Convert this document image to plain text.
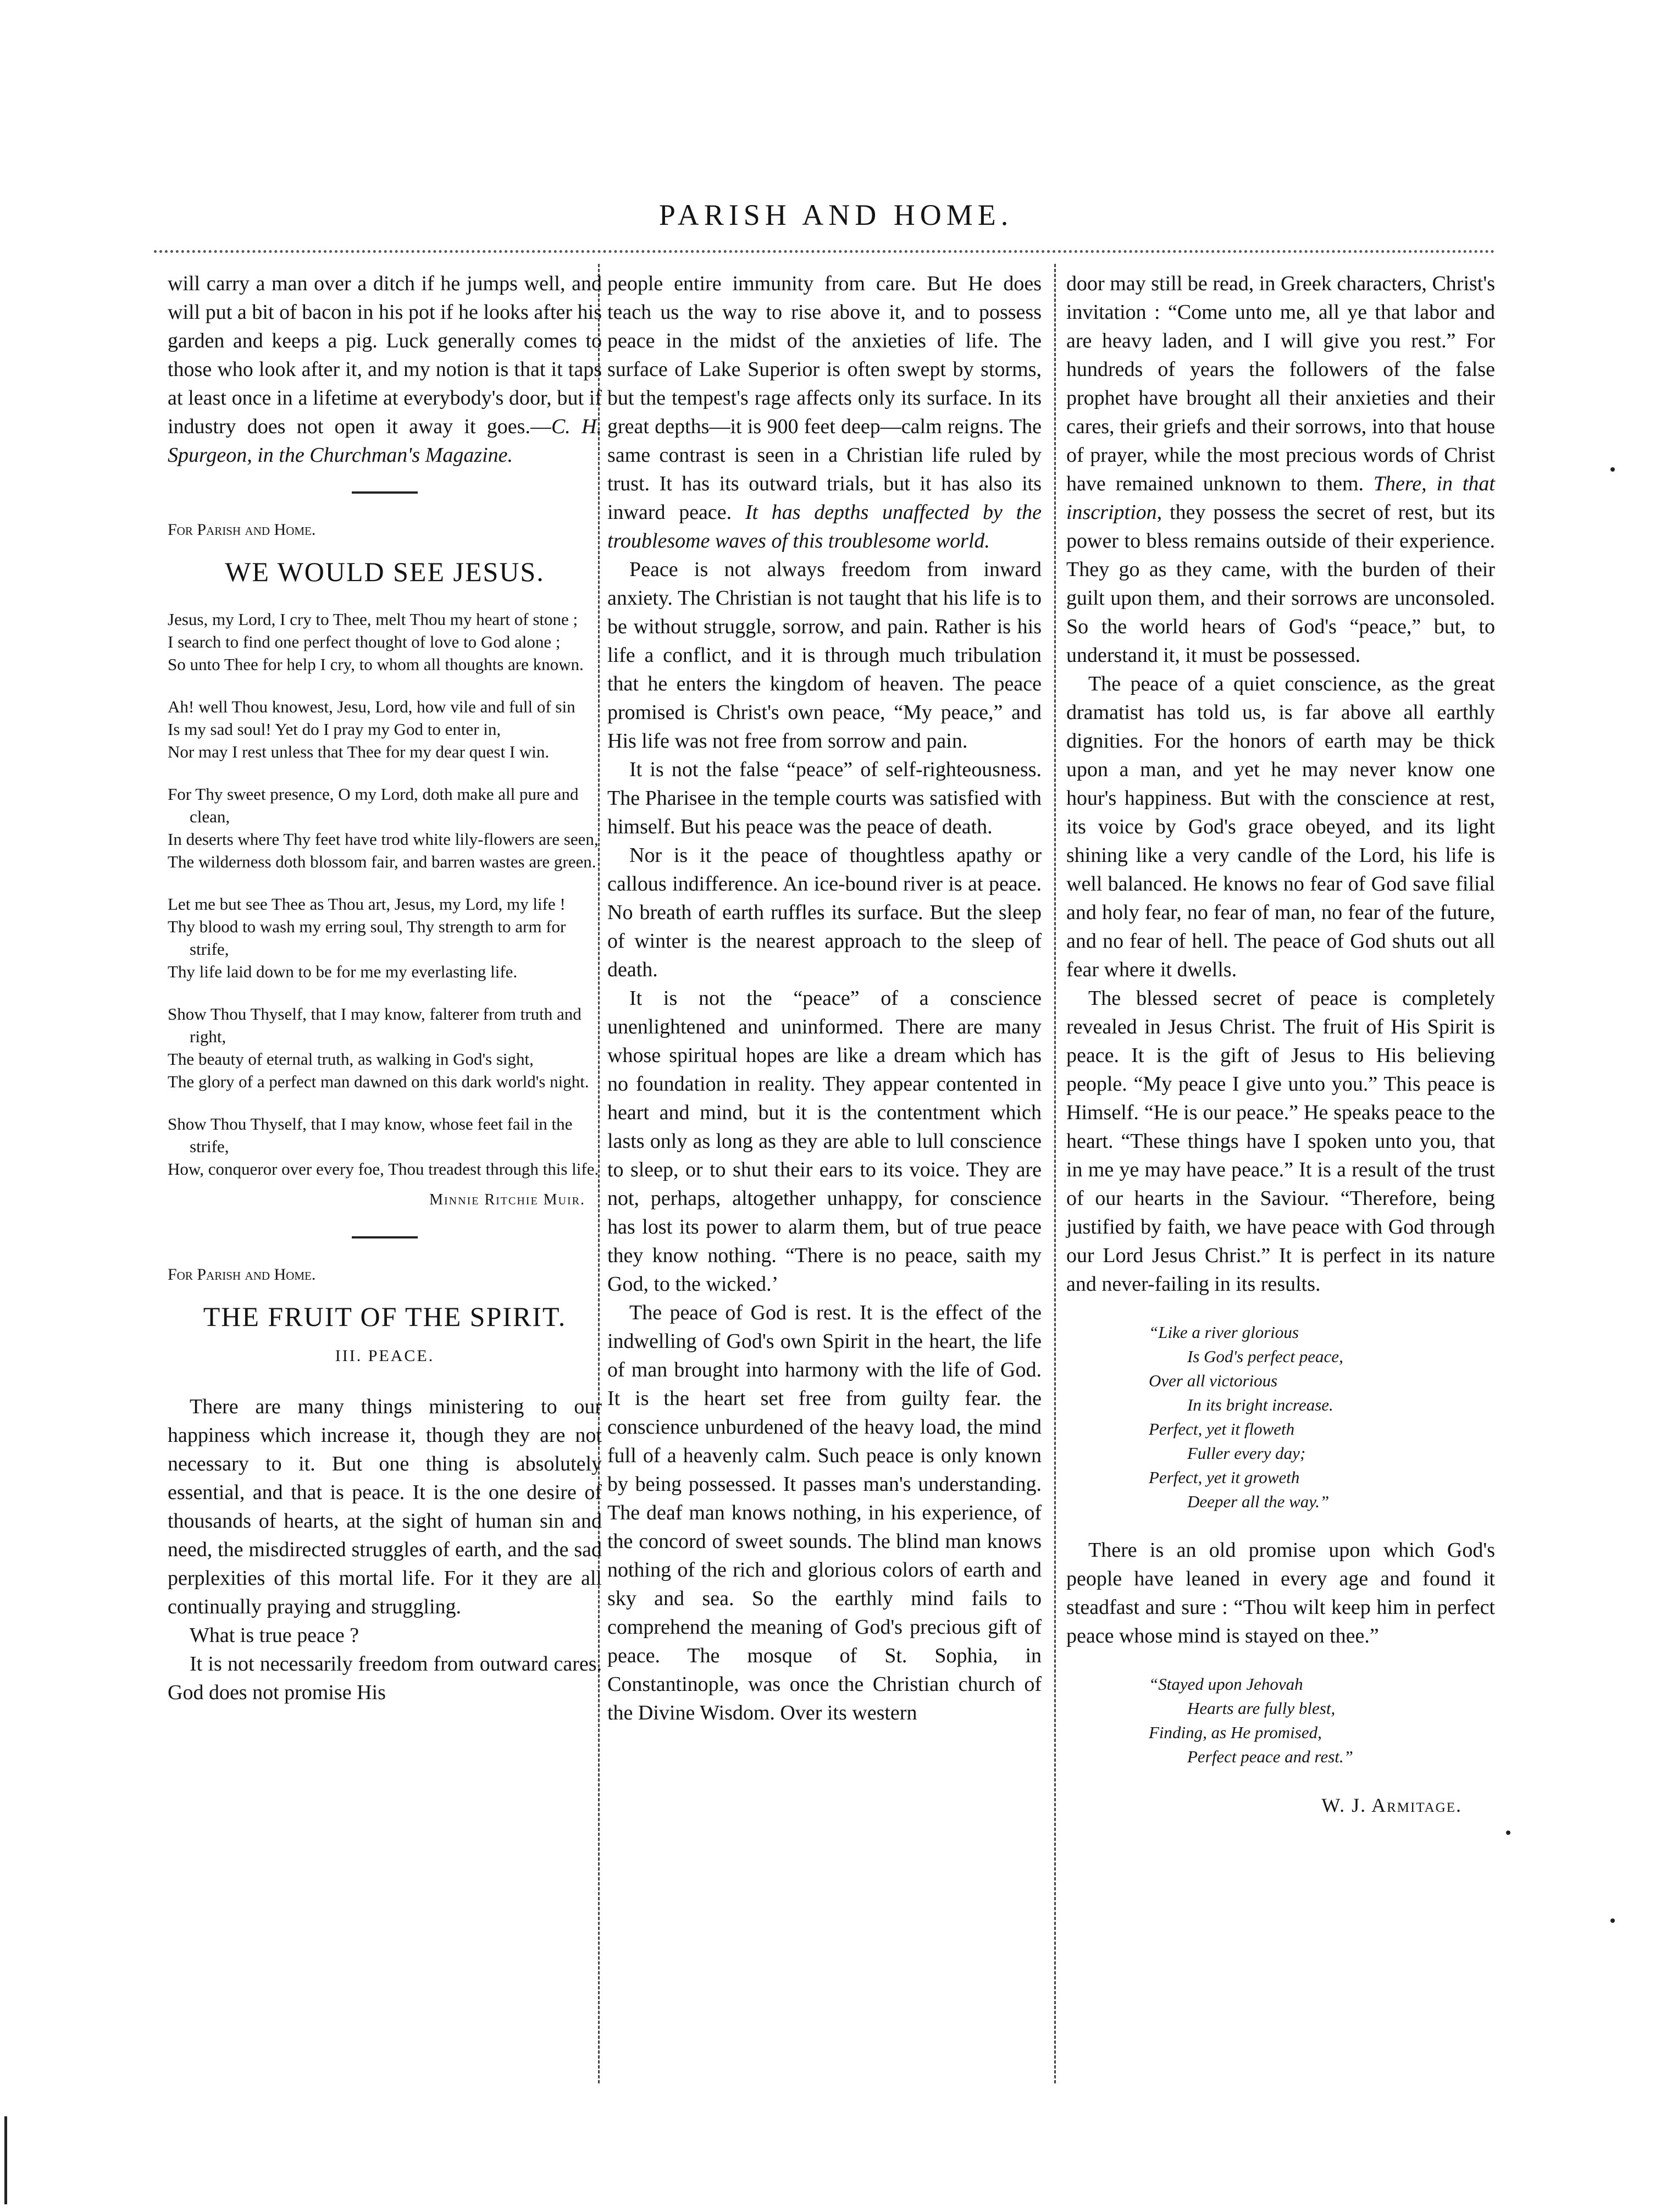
PARISH AND HOME.

will carry a man over a ditch if he jumps well, and will put a bit of bacon in his pot if he looks after his garden and keeps a pig. Luck generally comes to those who look after it, and my notion is that it taps at least once in a lifetime at everybody's door, but if industry does not open it away it goes.—C. H. Spurgeon, in the Churchman's Magazine.

For Parish and Home.
WE WOULD SEE JESUS.
Jesus, my Lord, I cry to Thee, melt Thou my heart of stone ;
I search to find one perfect thought of love to God alone ;
So unto Thee for help I cry, to whom all thoughts are known.
Ah! well Thou knowest, Jesu, Lord, how vile and full of sin
Is my sad soul! Yet do I pray my God to enter in,
Nor may I rest unless that Thee for my dear quest I win.
For Thy sweet presence, O my Lord, doth make all pure and clean,
In deserts where Thy feet have trod white lily-flowers are seen,
The wilderness doth blossom fair, and barren wastes are green.
Let me but see Thee as Thou art, Jesus, my Lord, my life !
Thy blood to wash my erring soul, Thy strength to arm for strife,
Thy life laid down to be for me my everlasting life.
Show Thou Thyself, that I may know, falterer from truth and right,
The beauty of eternal truth, as walking in God's sight,
The glory of a perfect man dawned on this dark world's night.
Show Thou Thyself, that I may know, whose feet fail in the strife,
How, conqueror over every foe, Thou treadest through this life.
Minnie Ritchie Muir.
For Parish and Home.
THE FRUIT OF THE SPIRIT.
III. PEACE.

There are many things ministering to our happiness which increase it, though they are not necessary to it. But one thing is absolutely essential, and that is peace. It is the one desire of thousands of hearts, at the sight of human sin and need, the misdirected struggles of earth, and the sad perplexities of this mortal life. For it they are all continually praying and struggling.

What is true peace ?

It is not necessarily freedom from outward cares. God does not promise His

people entire immunity from care. But He does teach us the way to rise above it, and to possess peace in the midst of the anxieties of life. The surface of Lake Superior is often swept by storms, but the tempest's rage affects only its surface. In its great depths—it is 900 feet deep—calm reigns. The same contrast is seen in a Christian life ruled by trust. It has its outward trials, but it has also its inward peace. It has depths unaffected by the troublesome waves of this troublesome world.

Peace is not always freedom from inward anxiety. The Christian is not taught that his life is to be without struggle, sorrow, and pain. Rather is his life a conflict, and it is through much tribulation that he enters the kingdom of heaven. The peace promised is Christ's own peace, “My peace,” and His life was not free from sorrow and pain.

It is not the false “peace” of self-righteousness. The Pharisee in the temple courts was satisfied with himself. But his peace was the peace of death.

Nor is it the peace of thoughtless apathy or callous indifference. An ice-bound river is at peace. No breath of earth ruffles its surface. But the sleep of winter is the nearest approach to the sleep of death.

It is not the “peace” of a conscience unenlightened and uninformed. There are many whose spiritual hopes are like a dream which has no foundation in reality. They appear contented in heart and mind, but it is the contentment which lasts only as long as they are able to lull conscience to sleep, or to shut their ears to its voice. They are not, perhaps, altogether unhappy, for conscience has lost its power to alarm them, but of true peace they know nothing. “There is no peace, saith my God, to the wicked.’

The peace of God is rest. It is the effect of the indwelling of God's own Spirit in the heart, the life of man brought into harmony with the life of God. It is the heart set free from guilty fear. the conscience unburdened of the heavy load, the mind full of a heavenly calm. Such peace is only known by being possessed. It passes man's understanding. The deaf man knows nothing, in his experience, of the concord of sweet sounds. The blind man knows nothing of the rich and glorious colors of earth and sky and sea. So the earthly mind fails to comprehend the meaning of God's precious gift of peace. The mosque of St. Sophia, in Constantinople, was once the Christian church of the Divine Wisdom. Over its western

door may still be read, in Greek characters, Christ's invitation : “Come unto me, all ye that labor and are heavy laden, and I will give you rest.” For hundreds of years the followers of the false prophet have brought all their anxieties and their cares, their griefs and their sorrows, into that house of prayer, while the most precious words of Christ have remained unknown to them. There, in that inscription, they possess the secret of rest, but its power to bless remains outside of their experience. They go as they came, with the burden of their guilt upon them, and their sorrows are unconsoled. So the world hears of God's “peace,” but, to understand it, it must be possessed.

The peace of a quiet conscience, as the great dramatist has told us, is far above all earthly dignities. For the honors of earth may be thick upon a man, and yet he may never know one hour's happiness. But with the conscience at rest, its voice by God's grace obeyed, and its light shining like a very candle of the Lord, his life is well balanced. He knows no fear of God save filial and holy fear, no fear of man, no fear of the future, and no fear of hell. The peace of God shuts out all fear where it dwells.

The blessed secret of peace is completely revealed in Jesus Christ. The fruit of His Spirit is peace. It is the gift of Jesus to His believing people. “My peace I give unto you.” This peace is Himself. “He is our peace.” He speaks peace to the heart. “These things have I spoken unto you, that in me ye may have peace.” It is a result of the trust of our hearts in the Saviour. “Therefore, being justified by faith, we have peace with God through our Lord Jesus Christ.” It is perfect in its nature and never-failing in its results.

“Like a river glorious
Is God's perfect peace,
Over all victorious
In its bright increase.
Perfect, yet it floweth
Fuller every day;
Perfect, yet it groweth
Deeper all the way.”

There is an old promise upon which God's people have leaned in every age and found it steadfast and sure : “Thou wilt keep him in perfect peace whose mind is stayed on thee.”

“Stayed upon Jehovah
Hearts are fully blest,
Finding, as He promised,
Perfect peace and rest.”
W. J. Armitage.
